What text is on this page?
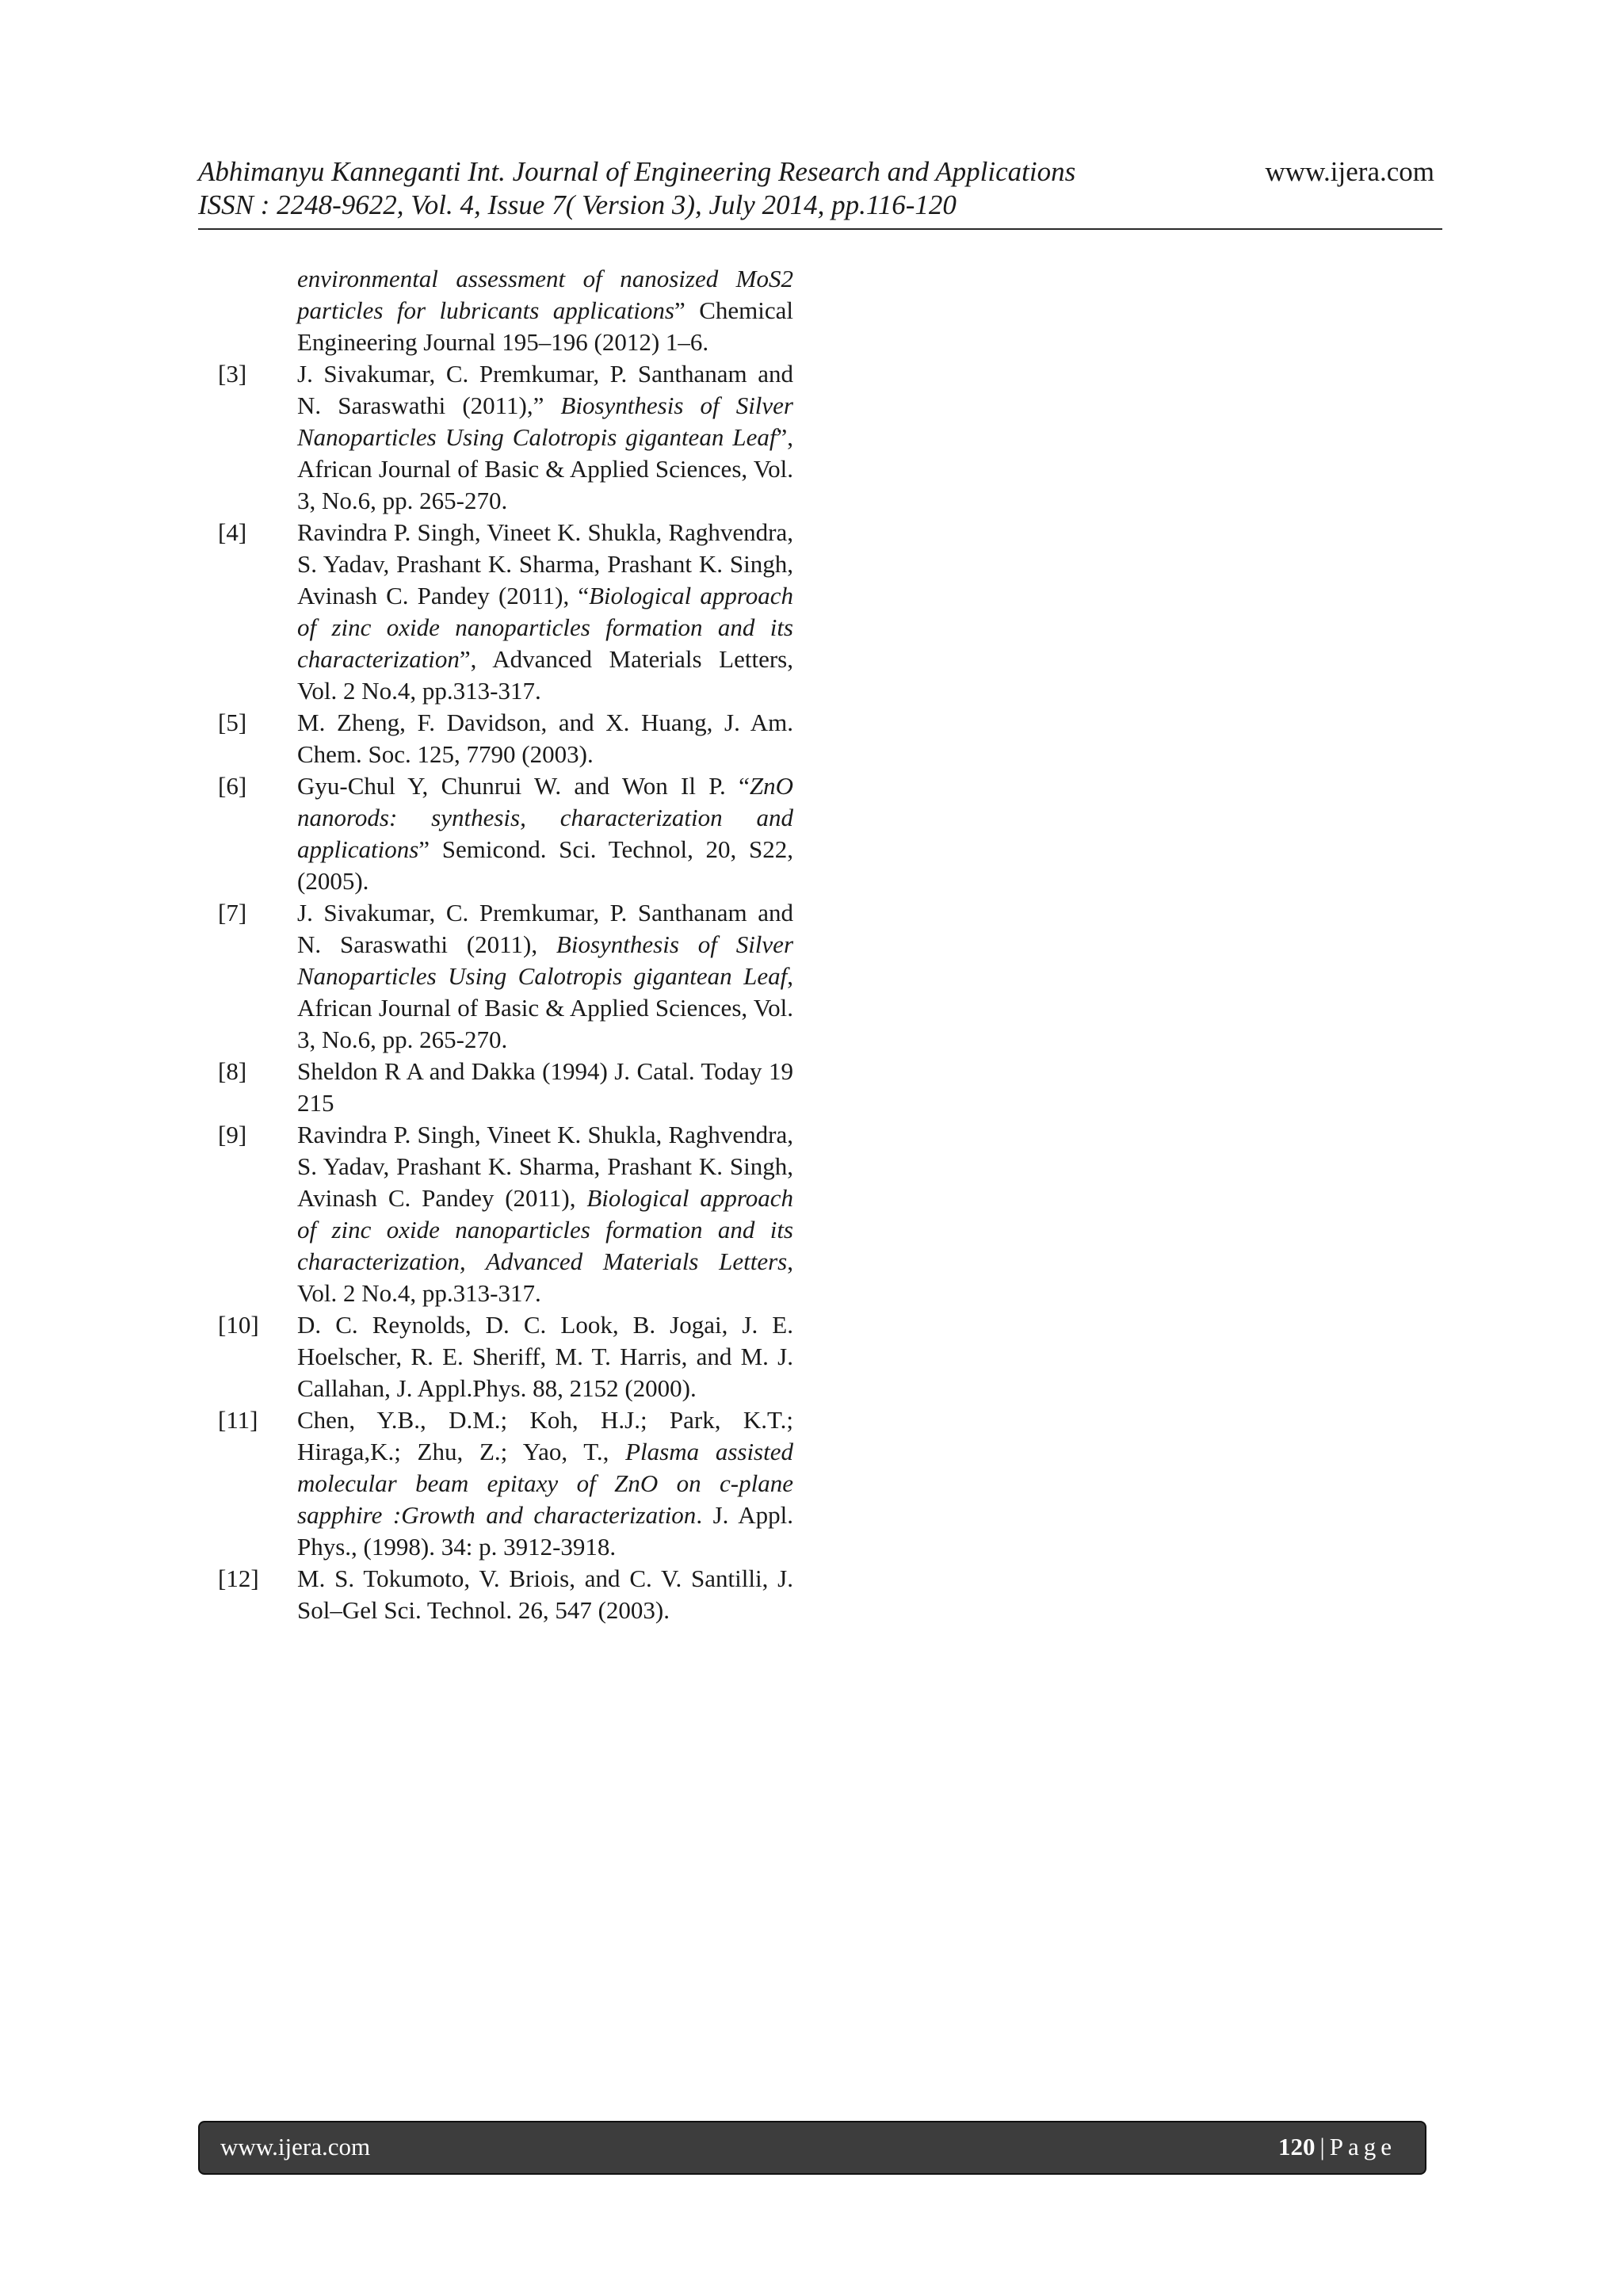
Abhimanyu Kanneganti Int. Journal of Engineering Research and Applications
ISSN : 2248-9622, Vol. 4, Issue 7( Version 3), July 2014, pp.116-120
www.ijera.com
environmental assessment of nanosized MoS2 particles for lubricants applications” Chemical Engineering Journal 195–196 (2012) 1–6.
[3]	J. Sivakumar, C. Premkumar, P. Santhanam and N. Saraswathi (2011),” Biosynthesis of Silver Nanoparticles Using Calotropis gigantean Leaf”, African Journal of Basic & Applied Sciences, Vol. 3, No.6, pp. 265-270.
[4]	Ravindra P. Singh, Vineet K. Shukla, Raghvendra, S. Yadav, Prashant K. Sharma, Prashant K. Singh, Avinash C. Pandey (2011), “Biological approach of zinc oxide nanoparticles formation and its characterization”, Advanced Materials Letters, Vol. 2 No.4, pp.313-317.
[5]	M. Zheng, F. Davidson, and X. Huang, J. Am. Chem. Soc. 125, 7790 (2003).
[6]	Gyu-Chul Y, Chunrui W. and Won Il P. “ZnO nanorods: synthesis, characterization and applications” Semicond. Sci. Technol, 20, S22, (2005).
[7]	J. Sivakumar, C. Premkumar, P. Santhanam and N. Saraswathi (2011), Biosynthesis of Silver Nanoparticles Using Calotropis gigantean Leaf, African Journal of Basic & Applied Sciences, Vol. 3, No.6, pp. 265-270.
[8]	Sheldon R A and Dakka (1994) J. Catal. Today 19 215
[9]	Ravindra P. Singh, Vineet K. Shukla, Raghvendra, S. Yadav, Prashant K. Sharma, Prashant K. Singh, Avinash C. Pandey (2011), Biological approach of zinc oxide nanoparticles formation and its characterization, Advanced Materials Letters, Vol. 2 No.4, pp.313-317.
[10]	D. C. Reynolds, D. C. Look, B. Jogai, J. E. Hoelscher, R. E. Sheriff, M. T. Harris, and M. J. Callahan, J. Appl.Phys. 88, 2152 (2000).
[11]	Chen, Y.B., D.M.; Koh, H.J.; Park, K.T.; Hiraga,K.; Zhu, Z.; Yao, T., Plasma assisted molecular beam epitaxy of ZnO on c-plane sapphire :Growth and characterization. J. Appl. Phys., (1998). 34: p. 3912-3918.
[12]	M. S. Tokumoto, V. Briois, and C. V. Santilli, J. Sol–Gel Sci. Technol. 26, 547 (2003).
www.ijera.com	120 | Page
